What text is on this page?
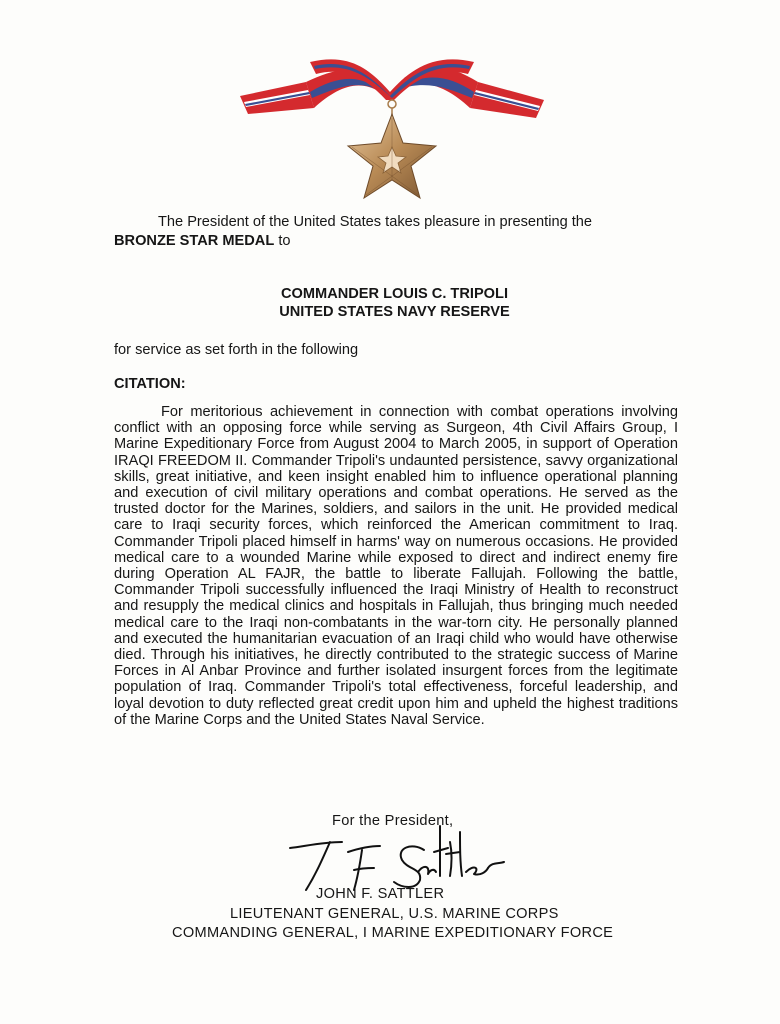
The President of the United States takes pleasure in presenting the
BRONZE STAR MEDAL to
COMMANDER LOUIS C. TRIPOLI
UNITED STATES NAVY RESERVE
for service as set forth in the following
CITATION:

For meritorious achievement in connection with combat operations involving conflict with an opposing force while serving as Surgeon, 4th Civil Affairs Group, I Marine Expeditionary Force from August 2004 to March 2005, in support of Operation IRAQI FREEDOM II. Commander Tripoli's undaunted persistence, savvy organizational skills, great initiative, and keen insight enabled him to influence operational planning and execution of civil military operations and combat operations. He served as the trusted doctor for the Marines, soldiers, and sailors in the unit. He provided medical care to Iraqi security forces, which reinforced the American commitment to Iraq. Commander Tripoli placed himself in harms' way on numerous occasions. He provided medical care to a wounded Marine while exposed to direct and indirect enemy fire during Operation AL FAJR, the battle to liberate Fallujah. Following the battle, Commander Tripoli successfully influenced the Iraqi Ministry of Health to reconstruct and resupply the medical clinics and hospitals in Fallujah, thus bringing much needed medical care to the Iraqi non-combatants in the war-torn city. He personally planned and executed the humanitarian evacuation of an Iraqi child who would have otherwise died. Through his initiatives, he directly contributed to the strategic success of Marine Forces in Al Anbar Province and further isolated insurgent forces from the legitimate population of Iraq. Commander Tripoli's total effectiveness, forceful leadership, and loyal devotion to duty reflected great credit upon him and upheld the highest traditions of the Marine Corps and the United States Naval Service.

For the President,
JOHN F. SATTLER
LIEUTENANT GENERAL, U.S. MARINE CORPS
COMMANDING GENERAL, I MARINE EXPEDITIONARY FORCE
